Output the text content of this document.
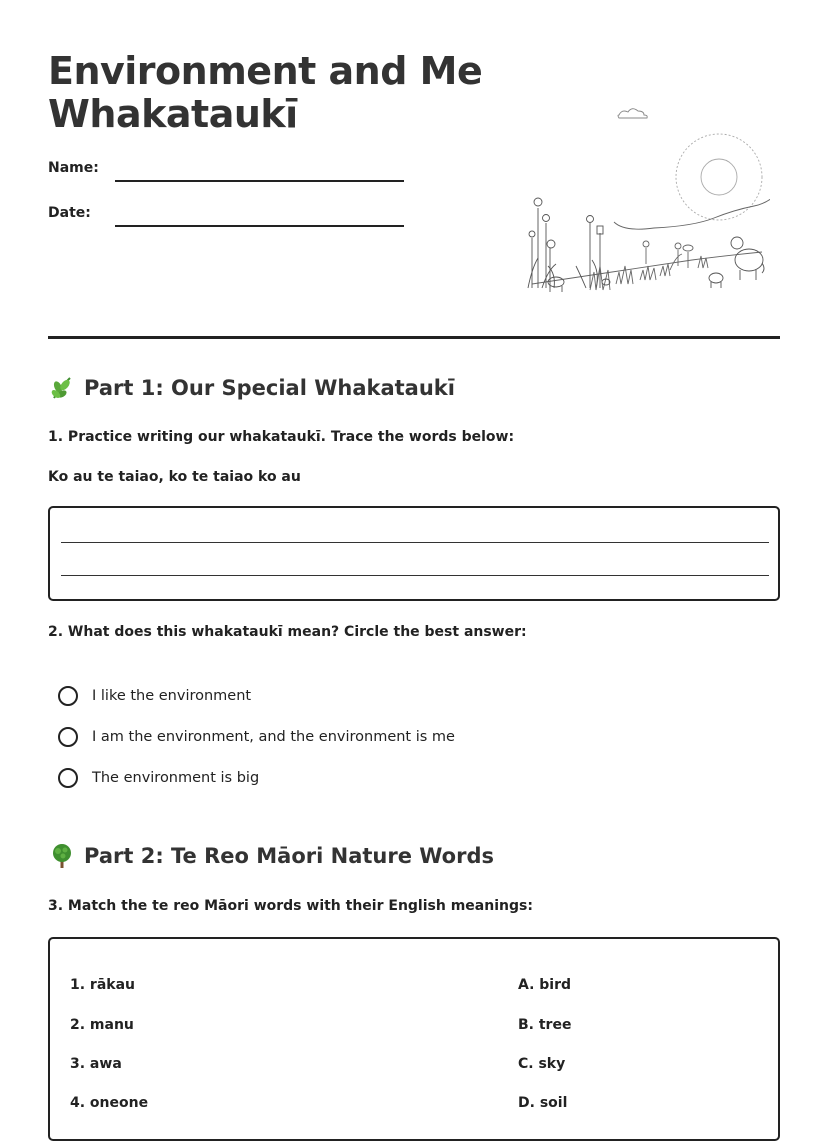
Environment and Me
Whakataukī
Name:
Date:
Part 1: Our Special Whakataukī
1. Practice writing our whakataukī. Trace the words below:
Ko au te taiao, ko te taiao ko au
2. What does this whakataukī mean? Circle the best answer:
I like the environment
I am the environment, and the environment is me
The environment is big
Part 2: Te Reo Māori Nature Words
3. Match the te reo Māori words with their English meanings:
1. rākau
2. manu
3. awa
4. oneone
A. bird
B. tree
C. sky
D. soil
